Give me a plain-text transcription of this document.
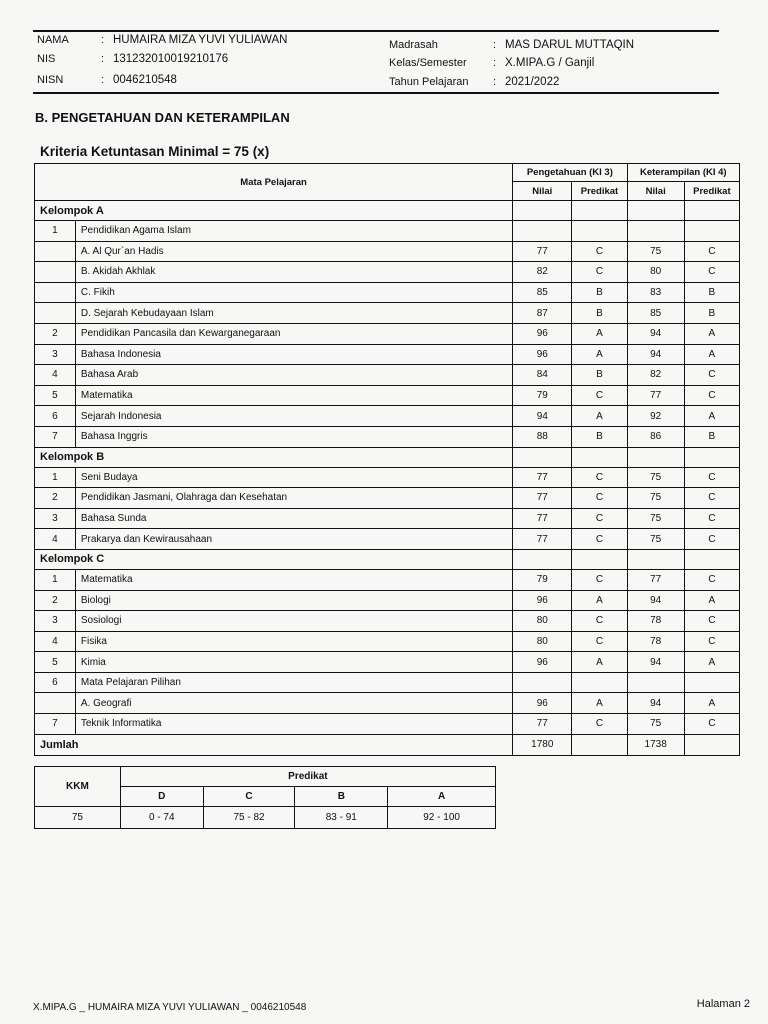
NAMA	: HUMAIRA MIZA YUVI YULIAWAN
NIS	: 131232010019210176
NISN	: 0046210548
Madrasah	: MAS DARUL MUTTAQIN
Kelas/Semester : X.MIPA.G / Ganjil
Tahun Pelajaran : 2021/2022
B. PENGETAHUAN DAN KETERAMPILAN
Kriteria Ketuntasan Minimal = 75 (x)
Mata Pelajaran		Pengetahuan (KI 3)		Keterampilan (KI 4)	
		Nilai	Predikat	Nilai	Predikat
Kelompok A					
1	Pendidikan Agama Islam				
	A. Al Qur`an Hadis	77	C	75	C
	B. Akidah Akhlak	82	C	80	C
	C. Fikih	85	B	83	B
	D. Sejarah Kebudayaan Islam	87	B	85	B
2	Pendidikan Pancasila dan Kewarganegaraan	96	A	94	A
3	Bahasa Indonesia	96	A	94	A
4	Bahasa Arab	84	B	82	C
5	Matematika	79	C	77	C
6	Sejarah Indonesia	94	A	92	A
7	Bahasa Inggris	88	B	86	B
Kelompok B					
1	Seni Budaya	77	C	75	C
2	Pendidikan Jasmani, Olahraga dan Kesehatan	77	C	75	C
3	Bahasa Sunda	77	C	75	C
4	Prakarya dan Kewirausahaan	77	C	75	C
Kelompok C					
1	Matematika	79	C	77	C
2	Biologi	96	A	94	A
3	Sosiologi	80	C	78	C
4	Fisika	80	C	78	C
5	Kimia	96	A	94	A
6	Mata Pelajaran Pilihan				
	A. Geografi	96	A	94	A
7	Teknik Informatika	77	C	75	C
Jumlah		1780		1738	
KKM	Predikat			
	D	C	B	A
75	0 - 74	75 - 82	83 - 91	92 - 100
X.MIPA.G _ HUMAIRA MIZA YUVI YULIAWAN _ 0046210548	Halaman 2
